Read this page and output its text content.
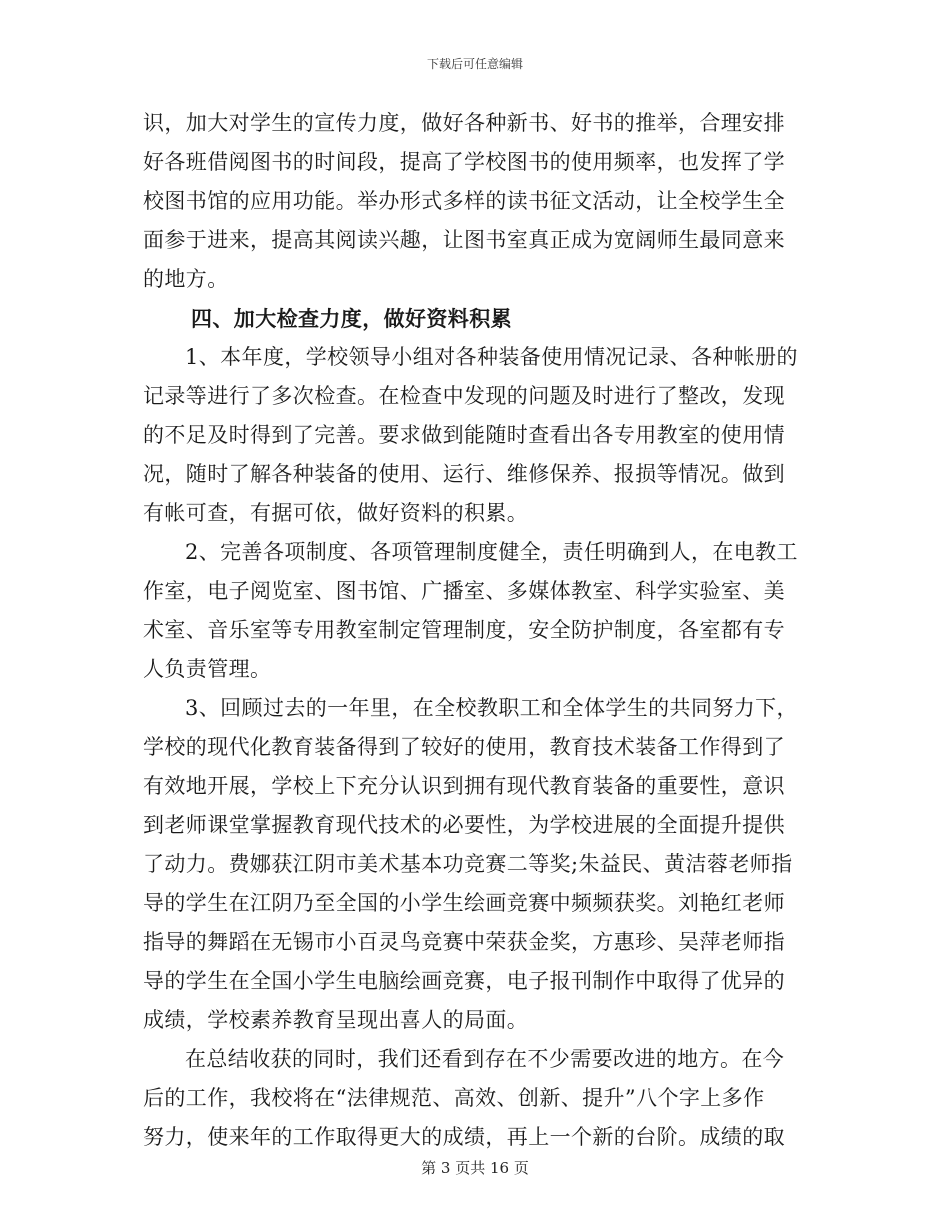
下载后可任意编辑
识，加大对学生的宣传力度，做好各种新书、好书的推举，合理安排
好各班借阅图书的时间段，提高了学校图书的使用频率，也发挥了学
校图书馆的应用功能。举办形式多样的读书征文活动，让全校学生全
面参于进来，提高其阅读兴趣，让图书室真正成为宽阔师生最同意来
的地方。
四、加大检查力度，做好资料积累
1、本年度，学校领导小组对各种装备使用情况记录、各种帐册的
记录等进行了多次检查。在检查中发现的问题及时进行了整改，发现
的不足及时得到了完善。要求做到能随时查看出各专用教室的使用情
况，随时了解各种装备的使用、运行、维修保养、报损等情况。做到
有帐可查，有据可依，做好资料的积累。
2、完善各项制度、各项管理制度健全，责任明确到人，在电教工
作室，电子阅览室、图书馆、广播室、多媒体教室、科学实验室、美
术室、音乐室等专用教室制定管理制度，安全防护制度，各室都有专
人负责管理。
3、回顾过去的一年里，在全校教职工和全体学生的共同努力下，
学校的现代化教育装备得到了较好的使用，教育技术装备工作得到了
有效地开展，学校上下充分认识到拥有现代教育装备的重要性，意识
到老师课堂掌握教育现代技术的必要性，为学校进展的全面提升提供
了动力。费娜获江阴市美术基本功竞赛二等奖;朱益民、黄洁蓉老师指
导的学生在江阴乃至全国的小学生绘画竞赛中频频获奖。刘艳红老师
指导的舞蹈在无锡市小百灵鸟竞赛中荣获金奖，方惠珍、吴萍老师指
导的学生在全国小学生电脑绘画竞赛，电子报刊制作中取得了优异的
成绩，学校素养教育呈现出喜人的局面。
在总结收获的同时，我们还看到存在不少需要改进的地方。在今
后的工作，我校将在“法律规范、高效、创新、提升”八个字上多作
努力，使来年的工作取得更大的成绩，再上一个新的台阶。成绩的取
第 3 页共 16 页
